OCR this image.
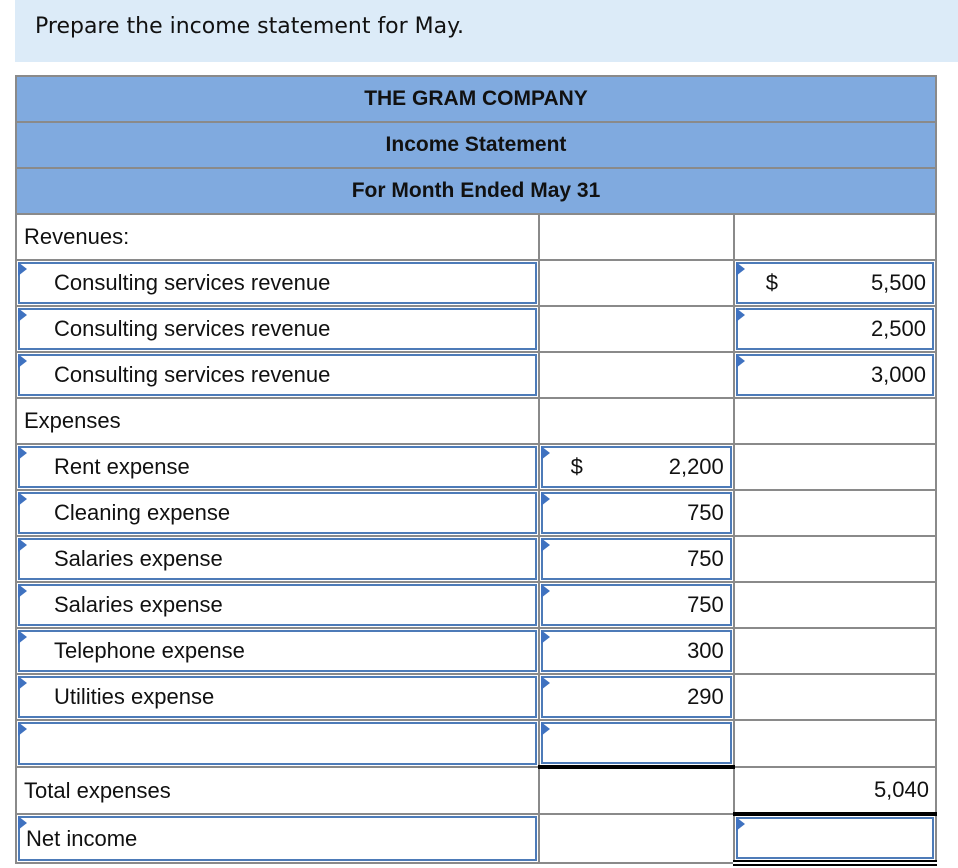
Prepare the income statement for May.
THE GRAM COMPANY		
Income Statement		
For Month Ended May 31		
Revenues:		

Consulting services revenue		$ 5,500

Consulting services revenue		2,500

Consulting services revenue		3,000

Expenses		

Rent expense	$ 2,200	

Cleaning expense	750	

Salaries expense	750	

Salaries expense	750	

Telephone expense	300	

Utilities expense	290	

Total expenses		5,040

Net income		
